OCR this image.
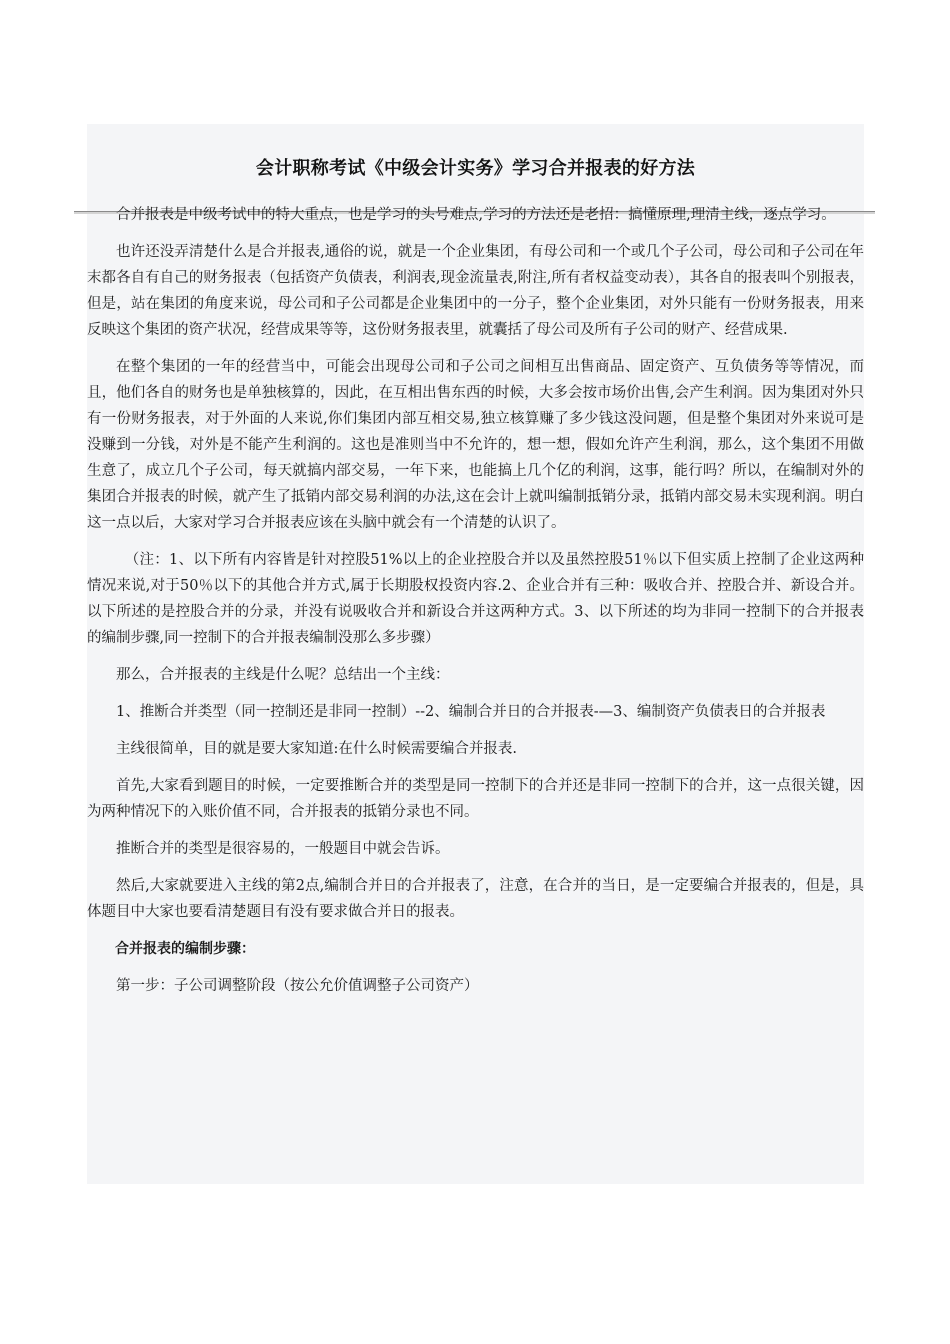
会计职称考试《中级会计实务》学习合并报表的好方法

合并报表是中级考试中的特大重点，也是学习的头号难点,学习的方法还是老招：搞懂原理,理清主线，逐点学习。

也许还没弄清楚什么是合并报表,通俗的说，就是一个企业集团，有母公司和一个或几个子公司，母公司和子公司在年末都各自有自己的财务报表（包括资产负债表，利润表,现金流量表,附注,所有者权益变动表），其各自的报表叫个别报表，但是，站在集团的角度来说，母公司和子公司都是企业集团中的一分子，整个企业集团，对外只能有一份财务报表，用来反映这个集团的资产状况，经营成果等等，这份财务报表里，就囊括了母公司及所有子公司的财产、经营成果.

在整个集团的一年的经营当中，可能会出现母公司和子公司之间相互出售商品、固定资产、互负债务等等情况，而且，他们各自的财务也是单独核算的，因此，在互相出售东西的时候，大多会按市场价出售,会产生利润。因为集团对外只有一份财务报表，对于外面的人来说,你们集团内部互相交易,独立核算赚了多少钱这没问题，但是整个集团对外来说可是没赚到一分钱，对外是不能产生利润的。这也是准则当中不允许的，想一想，假如允许产生利润，那么，这个集团不用做生意了，成立几个子公司，每天就搞内部交易，一年下来，也能搞上几个亿的利润，这事，能行吗？所以，在编制对外的集团合并报表的时候，就产生了抵销内部交易利润的办法,这在会计上就叫编制抵销分录，抵销内部交易未实现利润。明白这一点以后，大家对学习合并报表应该在头脑中就会有一个清楚的认识了。

（注：1、以下所有内容皆是针对控股51%以上的企业控股合并以及虽然控股51％以下但实质上控制了企业这两种情况来说,对于50％以下的其他合并方式,属于长期股权投资内容.2、企业合并有三种：吸收合并、控股合并、新设合并。以下所述的是控股合并的分录，并没有说吸收合并和新设合并这两种方式。3、以下所述的均为非同一控制下的合并报表的编制步骤,同一控制下的合并报表编制没那么多步骤）

那么，合并报表的主线是什么呢？总结出一个主线：

1、推断合并类型（同一控制还是非同一控制）--2、编制合并日的合并报表-—3、编制资产负债表日的合并报表

主线很简单，目的就是要大家知道:在什么时候需要编合并报表.

首先,大家看到题目的时候，一定要推断合并的类型是同一控制下的合并还是非同一控制下的合并，这一点很关键，因为两种情况下的入账价值不同，合并报表的抵销分录也不同。

推断合并的类型是很容易的，一般题目中就会告诉。

然后,大家就要进入主线的第2点,编制合并日的合并报表了，注意，在合并的当日，是一定要编合并报表的，但是，具体题目中大家也要看清楚题目有没有要求做合并日的报表。

合并报表的编制步骤：

第一步：子公司调整阶段（按公允价值调整子公司资产）
